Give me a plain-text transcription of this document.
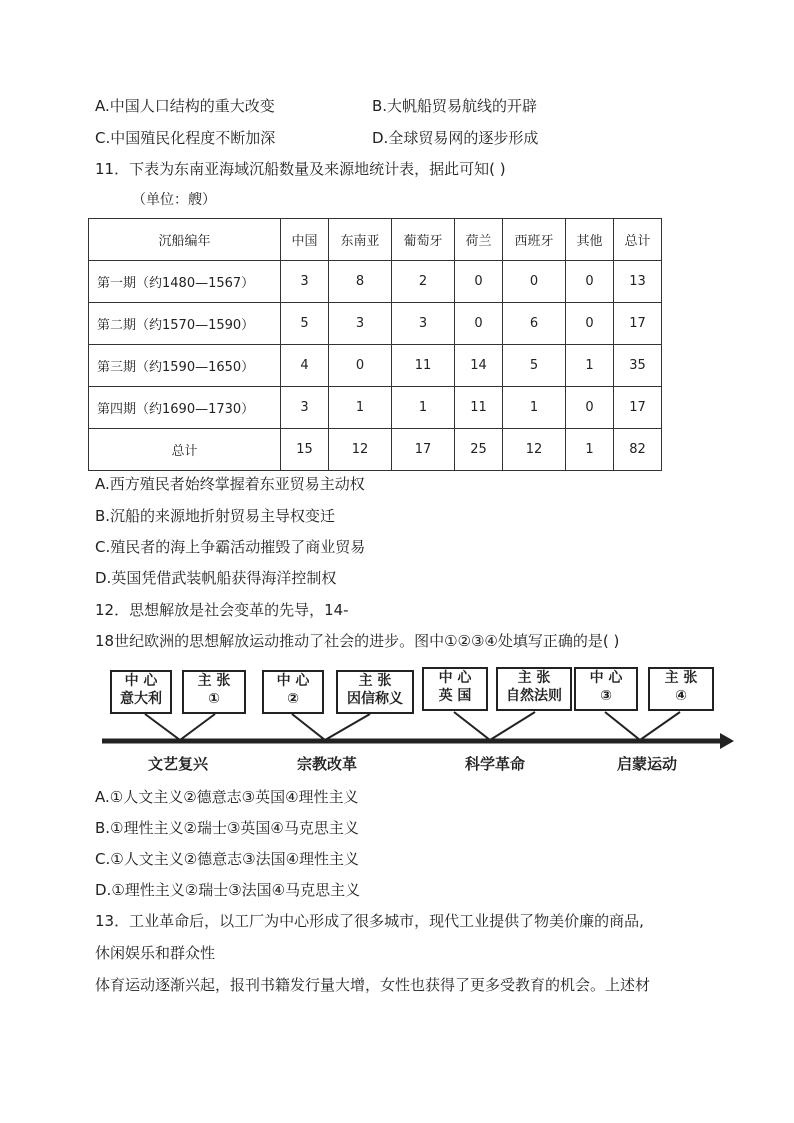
A.中国人口结构的重大改变	B.大帆船贸易航线的开辟
C.中国殖民化程度不断加深	D.全球贸易网的逐步形成
11．下表为东南亚海域沉船数量及来源地统计表，据此可知( )
（单位：艘）
沉船编年	中国	东南亚	葡萄牙	荷兰	西班牙	其他	总计
第一期（约1480—1567）	3	8	2	0	0	0	13
第二期（约1570—1590）	5	3	3	0	6	0	17
第三期（约1590—1650）	4	0	11	14	5	1	35
第四期（约1690—1730）	3	1	1	11	1	0	17
总计	15	12	17	25	12	1	82
A.西方殖民者始终掌握着东亚贸易主动权
B.沉船的来源地折射贸易主导权变迁
C.殖民者的海上争霸活动摧毁了商业贸易
D.英国凭借武装帆船获得海洋控制权
12．思想解放是社会变革的先导，14-
18世纪欧洲的思想解放运动推动了社会的进步。图中①②③④处填写正确的是( )
中 心
意大利
主 张
①
中 心
②
主 张
因信称义
中 心
英 国
主 张
自然法则
中 心
③
主 张
④
文艺复兴	宗教改革	科学革命	启蒙运动
A.①人文主义②德意志③英国④理性主义
B.①理性主义②瑞士③英国④马克思主义
C.①人文主义②德意志③法国④理性主义
D.①理性主义②瑞士③法国④马克思主义
13．工业革命后，以工厂为中心形成了很多城市，现代工业提供了物美价廉的商品,
休闲娱乐和群众性
体育运动逐渐兴起，报刊书籍发行量大增，女性也获得了更多受教育的机会。上述材
